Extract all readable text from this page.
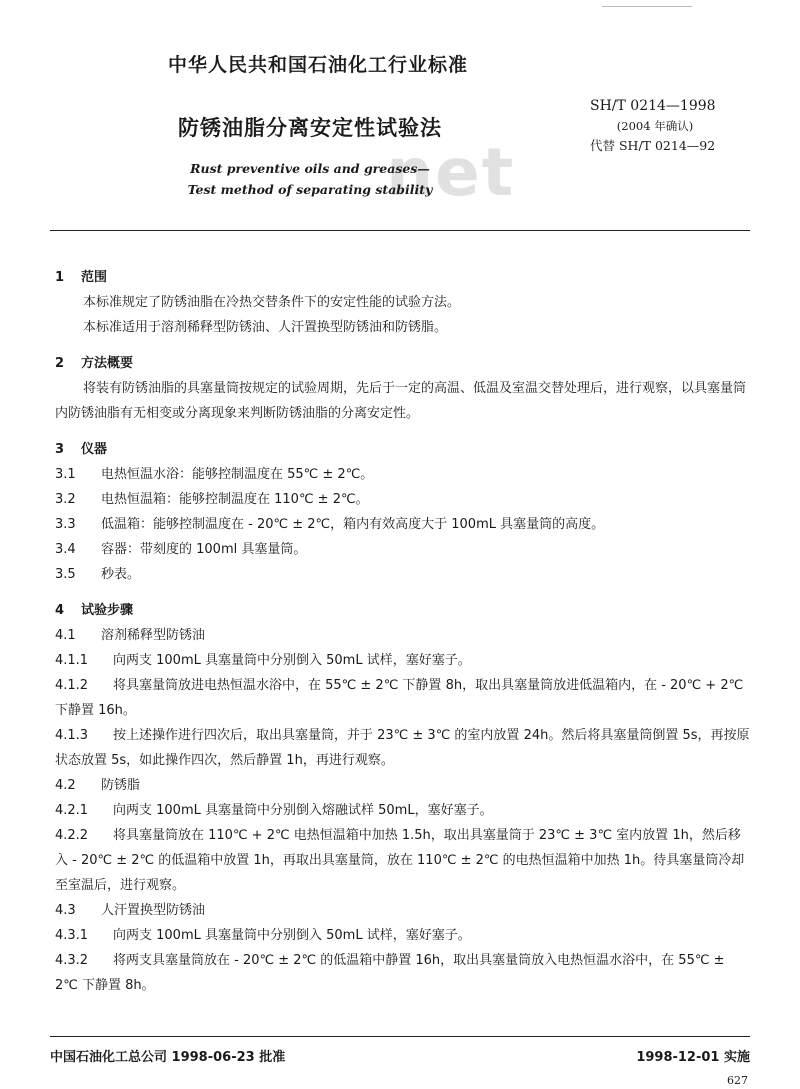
中华人民共和国石油化工行业标准
SH/T 0214—1998
(2004 年确认)
代替 SH/T 0214—92
防锈油脂分离安定性试验法
net
Rust preventive oils and greases—
Test method of separating stability
1 范围
本标准规定了防锈油脂在冷热交替条件下的安定性能的试验方法。
本标准适用于溶剂稀释型防锈油、人汗置换型防锈油和防锈脂。
2 方法概要
将装有防锈油脂的具塞量筒按规定的试验周期，先后于一定的高温、低温及室温交替处理后，进行观察，以具塞量筒内防锈油脂有无相变或分离现象来判断防锈油脂的分离安定性。
3 仪器
3.1 电热恒温水浴：能够控制温度在 55℃ ± 2℃。
3.2 电热恒温箱：能够控制温度在 110℃ ± 2℃。
3.3 低温箱：能够控制温度在 - 20℃ ± 2℃，箱内有效高度大于 100mL 具塞量筒的高度。
3.4 容器：带刻度的 100ml 具塞量筒。
3.5 秒表。
4 试验步骤
4.1 溶剂稀释型防锈油
4.1.1 向两支 100mL 具塞量筒中分别倒入 50mL 试样，塞好塞子。
4.1.2 将具塞量筒放进电热恒温水浴中，在 55℃ ± 2℃ 下静置 8h，取出具塞量筒放进低温箱内，在 - 20℃ + 2℃ 下静置 16h。
4.1.3 按上述操作进行四次后，取出具塞量筒，并于 23℃ ± 3℃ 的室内放置 24h。然后将具塞量筒倒置 5s，再按原状态放置 5s，如此操作四次，然后静置 1h，再进行观察。
4.2 防锈脂
4.2.1 向两支 100mL 具塞量筒中分别倒入熔融试样 50mL，塞好塞子。
4.2.2 将具塞量筒放在 110℃ + 2℃ 电热恒温箱中加热 1.5h，取出具塞量筒于 23℃ ± 3℃ 室内放置 1h，然后移入 - 20℃ ± 2℃ 的低温箱中放置 1h，再取出具塞量筒，放在 110℃ ± 2℃ 的电热恒温箱中加热 1h。待具塞量筒冷却至室温后，进行观察。
4.3 人汗置换型防锈油
4.3.1 向两支 100mL 具塞量筒中分别倒入 50mL 试样，塞好塞子。
4.3.2 将两支具塞量筒放在 - 20℃ ± 2℃ 的低温箱中静置 16h，取出具塞量筒放入电热恒温水浴中，在 55℃ ± 2℃ 下静置 8h。
中国石油化工总公司 1998-06-23 批准	1998-12-01 实施
627
